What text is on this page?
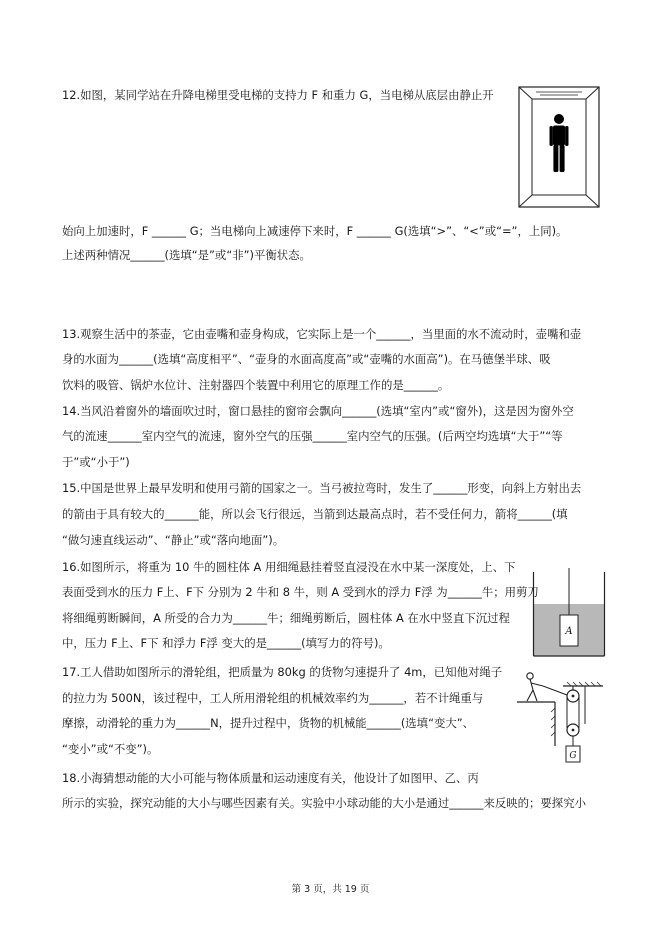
12.如图，某同学站在升降电梯里受电梯的支持力 F 和重力 G，当电梯从底层由静止开
始向上加速时，F ______ G；当电梯向上减速停下来时，F ______ G(选填“>”、“<”或“=”，上同)。
上述两种情况______(选填“是”或“非”)平衡状态。
13.观察生活中的茶壶，它由壶嘴和壶身构成，它实际上是一个______，当里面的水不流动时，壶嘴和壶
身的水面为______(选填“高度相平”、“壶身的水面高度高”或“壶嘴的水面高”)。在马德堡半球、吸
饮料的吸管、锅炉水位计、注射器四个装置中利用它的原理工作的是______。
14.当风沿着窗外的墙面吹过时，窗口悬挂的窗帘会飘向______(选填“室内”或“窗外)，这是因为窗外空
气的流速______室内空气的流速，窗外空气的压强______室内空气的压强。(后两空均选填“大于”“等
于”或“小于”)
15.中国是世界上最早发明和使用弓箭的国家之一。当弓被拉弯时，发生了______形变，向斜上方射出去
的箭由于具有较大的______能，所以会飞行很远，当箭到达最高点时，若不受任何力，箭将______(填
“做匀速直线运动”、“静止”或“落向地面”)。
16.如图所示，将重为 10 牛的圆柱体 A 用细绳悬挂着竖直浸没在水中某一深度处，上、下
表面受到水的压力 F上、F下 分别为 2 牛和 8 牛，则 A 受到水的浮力 F浮 为______牛；用剪刀
将细绳剪断瞬间，A 所受的合力为______牛；细绳剪断后，圆柱体 A 在水中竖直下沉过程
中，压力 F上、F下 和浮力 F浮 变大的是______(填写力的符号)。
A
17.工人借助如图所示的滑轮组，把质量为 80kg 的货物匀速提升了 4m，已知他对绳子
的拉力为 500N，该过程中，工人所用滑轮组的机械效率约为______，若不计绳重与
摩擦，动滑轮的重力为______N，提升过程中，货物的机械能______(选填“变大”、
“变小”或“不变”)。	G
18.小海猜想动能的大小可能与物体质量和运动速度有关，他设计了如图甲、乙、丙
所示的实验，探究动能的大小与哪些因素有关。实验中小球动能的大小是通过______来反映的；要探究小
第 3 页，共 19 页
